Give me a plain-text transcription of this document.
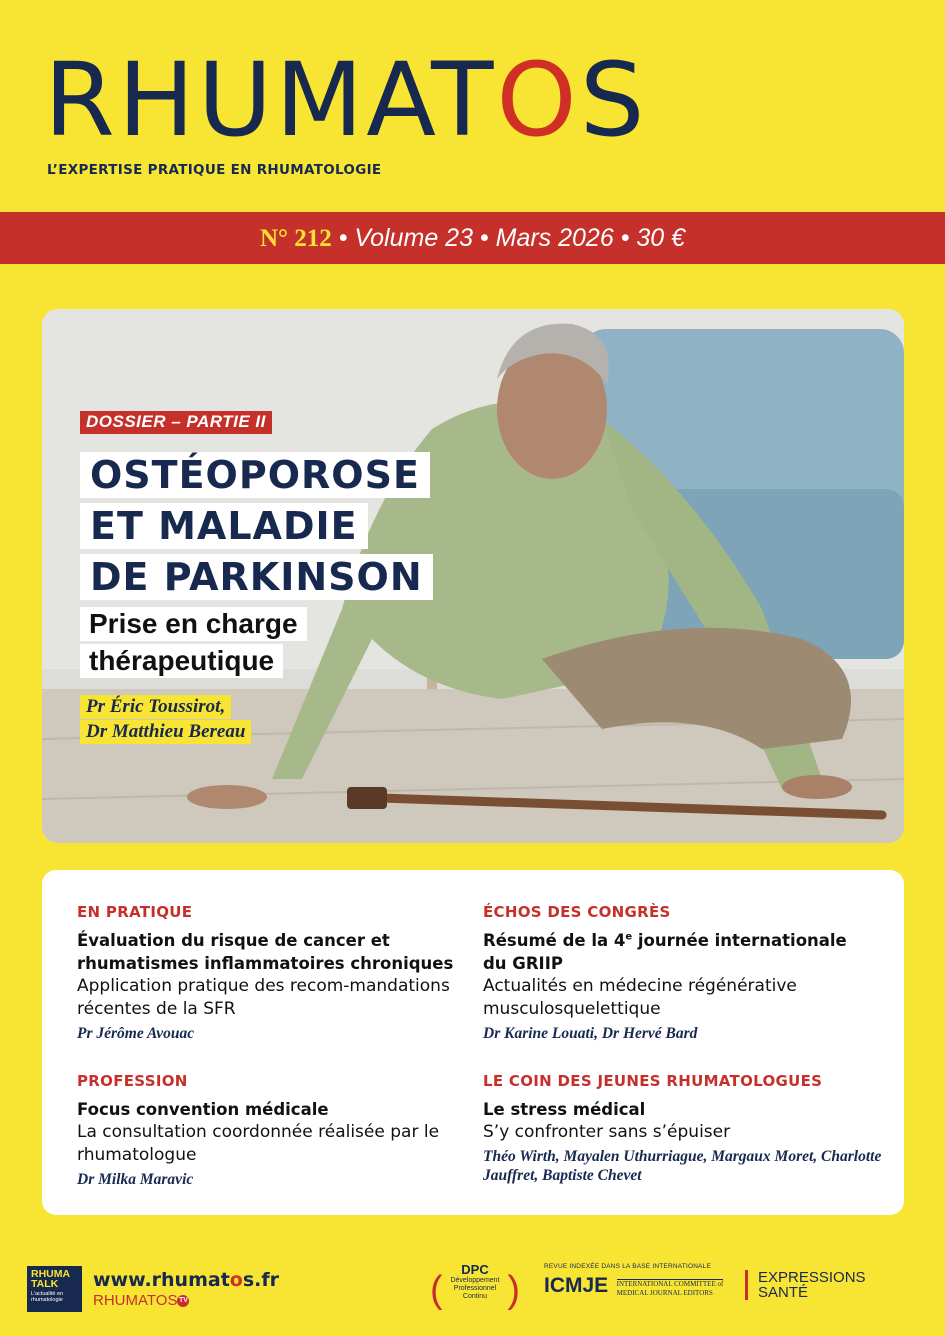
RHUMATOS
L’EXPERTISE PRATIQUE EN RHUMATOLOGIE
N° 212 • Volume 23 • Mars 2026 • 30 €
DOSSIER – PARTIE II
OSTÉOPOROSE
ET MALADIE
DE PARKINSON
Prise en charge
thérapeutique
Pr Éric Toussirot,
Dr Matthieu Bereau
EN PRATIQUE
Évaluation du risque de cancer et rhumatismes inflammatoires chroniques
Application pratique des recom-mandations récentes de la SFR
Pr Jérôme Avouac
ÉCHOS DES CONGRÈS
Résumé de la 4e journée internationale du GRIIP
Actualités en médecine régénérative musculosquelettique
Dr Karine Louati, Dr Hervé Bard
PROFESSION
Focus convention médicale
La consultation coordonnée réalisée par le rhumatologue
Dr Milka Maravic
LE COIN DES JEUNES RHUMATOLOGUES
Le stress médical
S’y confronter sans s’épuiser
Théo Wirth, Mayalen Uthurriague, Margaux Moret, Charlotte Jauffret, Baptiste Chevet
RHUMA
TALK
L’actualité en rhumatologie
www.rhumatos.fr
RHUMATOS TV	( )
DPC
Développement
Professionnel
Continu
REVUE INDEXÉE DANS LA BASE INTERNATIONALE
ICMJE INTERNATIONAL COMMITTEE of
MEDICAL JOURNAL EDITORS
EXPRESSIONS
SANTÉ
